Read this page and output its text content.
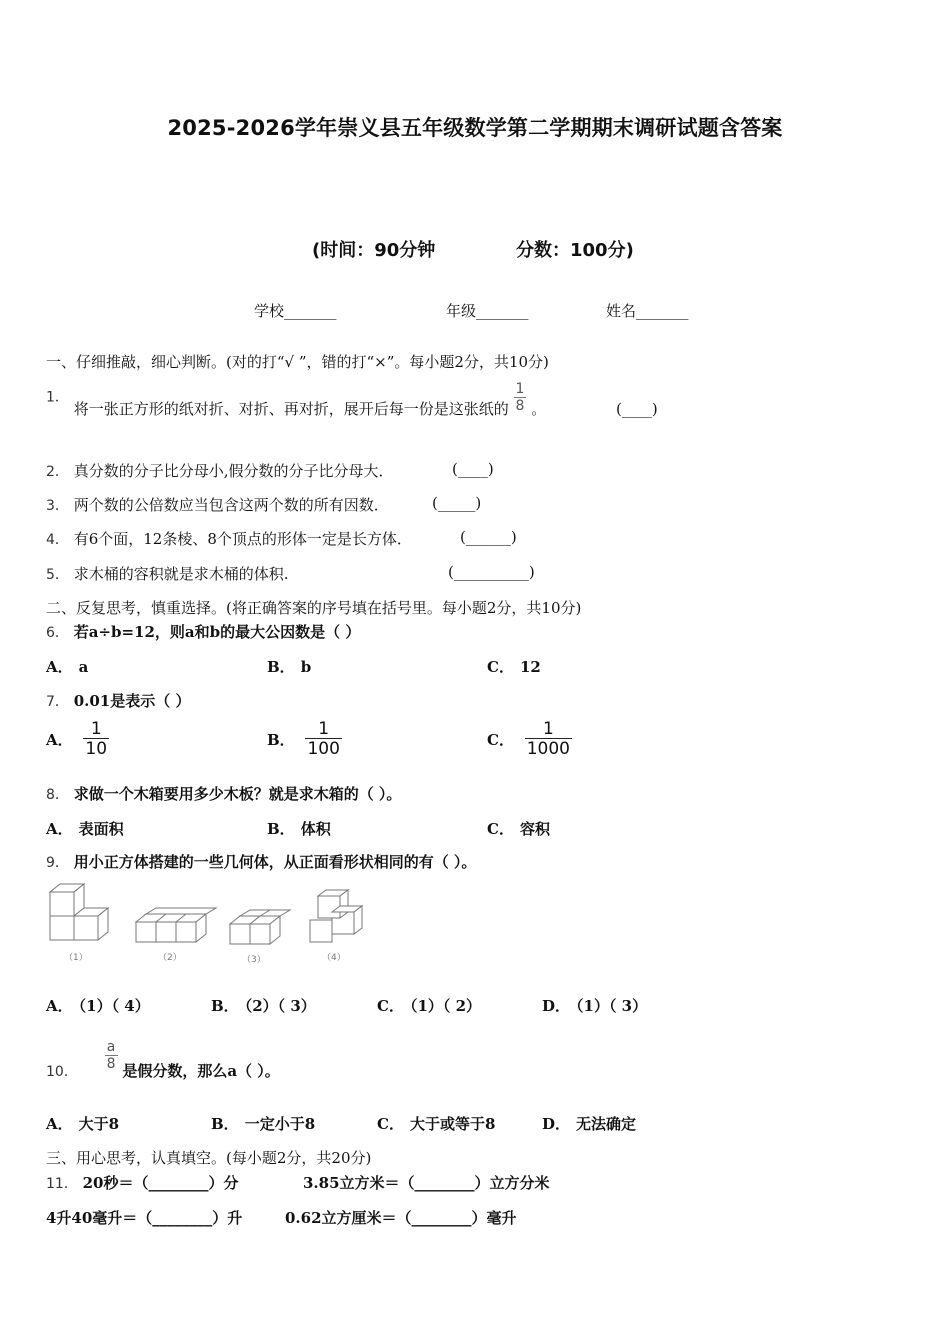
2025-2026学年崇义县五年级数学第二学期期末调研试题含答案
(时间：90分钟	分数：100分)
学校_______	年级_______	姓名_______
一、仔细推敲，细心判断。(对的打“√ ”，错的打“×”。每小题2分，共10分)
1． 将一张正方形的纸对折、对折、再对折，展开后每一份是这张纸的 $\frac{1}{8}$ 。	(____)
2． 真分数的分子比分母小,假分数的分子比分母大．	(____)
3． 两个数的公倍数应当包含这两个数的所有因数．	(_____)
4． 有6个面，12条棱、8个顶点的形体一定是长方体．	(______)
5． 求木桶的容积就是求木桶的体积.	(__________)
二、反复思考，慎重选择。(将正确答案的序号填在括号里。每小题2分，共10分)
6． 若a÷b=12，则a和b的最大公因数是（ ）
A． a	B． b	C． 12
7． 0.01是表示（ ）
A． $\frac{1}{10}$	B． $\frac{1}{100}$	C． $\frac{1}{1000}$
8． 求做一个木箱要用多少木板？就是求木箱的（ ）。
A． 表面积	B． 体积	C． 容积
9． 用小正方体搭建的一些几何体，从正面看形状相同的有（ ）。
（1）	（2）	（3）	（4）
A． （1）（ 4）	B． （2）（ 3）	C． （1）（ 2）	D． （1）（ 3）
10． $\frac{a}{8}$ 是假分数，那么a（ ）。
A． 大于8	B． 一定小于8	C． 大于或等于8	D． 无法确定
三、用心思考，认真填空。(每小题2分，共20分)
11． 20秒＝（________）分	3.85立方米＝（________）立方分米
4升40毫升＝（________）升	0.62立方厘米＝（________）毫升
